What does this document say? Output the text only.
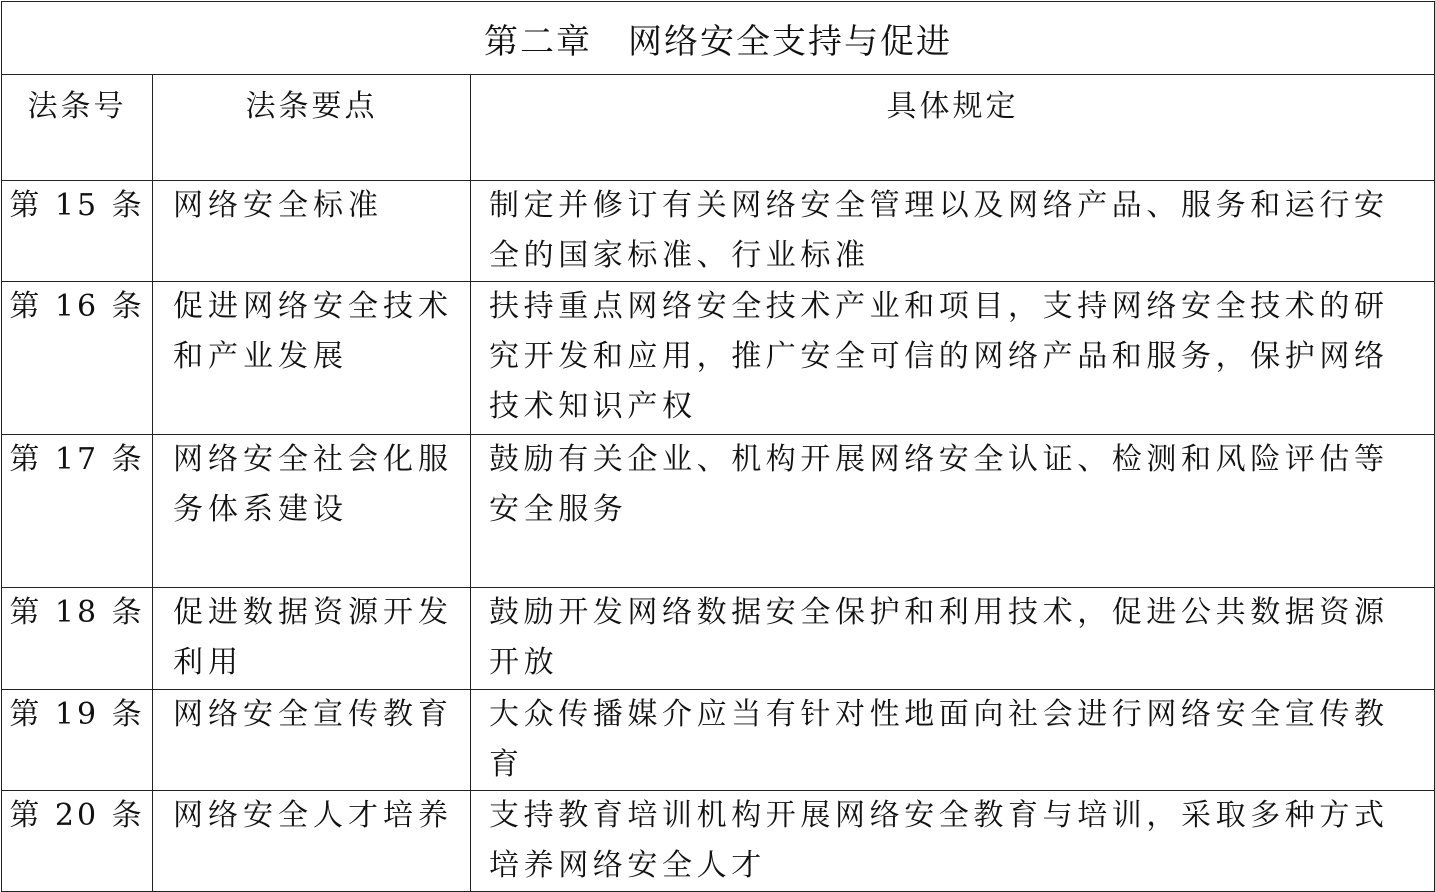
第二章　网络安全支持与促进		
法条号	法条要点	具体规定
第 15 条	网络安全标准	制定并修订有关网络安全管理以及网络产品、服务和运行安全的国家标准、行业标准
第 16 条	促进网络安全技术和产业发展	扶持重点网络安全技术产业和项目，支持网络安全技术的研究开发和应用，推广安全可信的网络产品和服务，保护网络技术知识产权
第 17 条	网络安全社会化服务体系建设	鼓励有关企业、机构开展网络安全认证、检测和风险评估等安全服务
第 18 条	促进数据资源开发利用	鼓励开发网络数据安全保护和利用技术，促进公共数据资源开放
第 19 条	网络安全宣传教育	大众传播媒介应当有针对性地面向社会进行网络安全宣传教育
第 20 条	网络安全人才培养	支持教育培训机构开展网络安全教育与培训，采取多种方式培养网络安全人才
